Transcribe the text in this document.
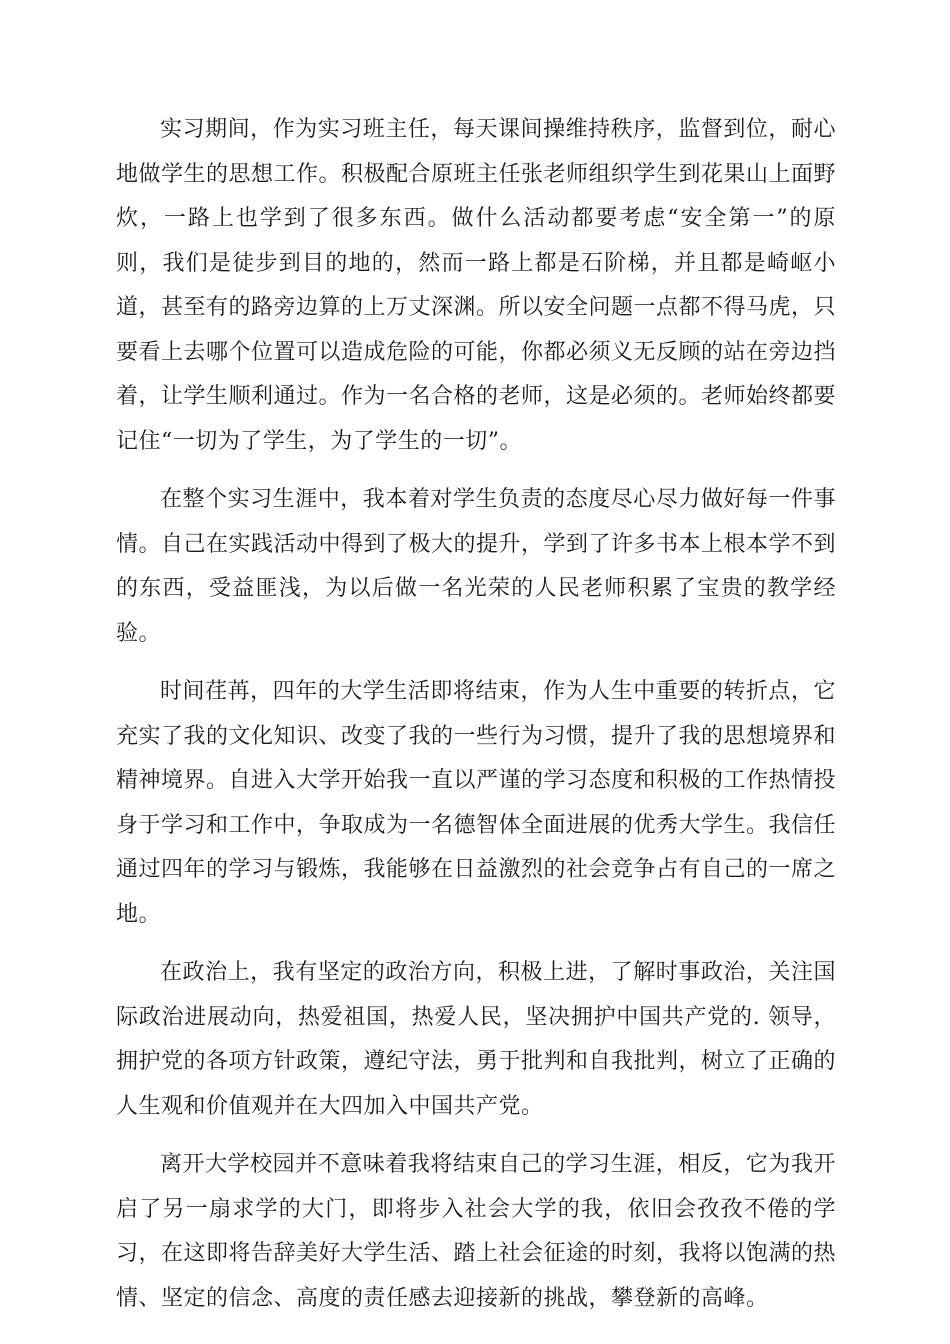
实习期间，作为实习班主任，每天课间操维持秩序，监督到位，耐心地做学生的思想工作。积极配合原班主任张老师组织学生到花果山上面野炊，一路上也学到了很多东西。做什么活动都要考虑“安全第一”的原则，我们是徒步到目的地的，然而一路上都是石阶梯，并且都是崎岖小道，甚至有的路旁边算的上万丈深渊。所以安全问题一点都不得马虎，只要看上去哪个位置可以造成危险的可能，你都必须义无反顾的站在旁边挡着，让学生顺利通过。作为一名合格的老师，这是必须的。老师始终都要记住“一切为了学生，为了学生的一切”。

在整个实习生涯中，我本着对学生负责的态度尽心尽力做好每一件事情。自己在实践活动中得到了极大的提升，学到了许多书本上根本学不到的东西，受益匪浅，为以后做一名光荣的人民老师积累了宝贵的教学经验。

时间荏苒，四年的大学生活即将结束，作为人生中重要的转折点，它充实了我的文化知识、改变了我的一些行为习惯，提升了我的思想境界和精神境界。自进入大学开始我一直以严谨的学习态度和积极的工作热情投身于学习和工作中，争取成为一名德智体全面进展的优秀大学生。我信任通过四年的学习与锻炼，我能够在日益激烈的社会竞争占有自己的一席之地。

在政治上，我有坚定的政治方向，积极上进，了解时事政治，关注国际政治进展动向，热爱祖国，热爱人民，坚决拥护中国共产党的. 领导，拥护党的各项方针政策，遵纪守法，勇于批判和自我批判，树立了正确的人生观和价值观并在大四加入中国共产党。

离开大学校园并不意味着我将结束自己的学习生涯，相反，它为我开启了另一扇求学的大门，即将步入社会大学的我，依旧会孜孜不倦的学习，在这即将告辞美好大学生活、踏上社会征途的时刻，我将以饱满的热情、坚定的信念、高度的责任感去迎接新的挑战，攀登新的高峰。
